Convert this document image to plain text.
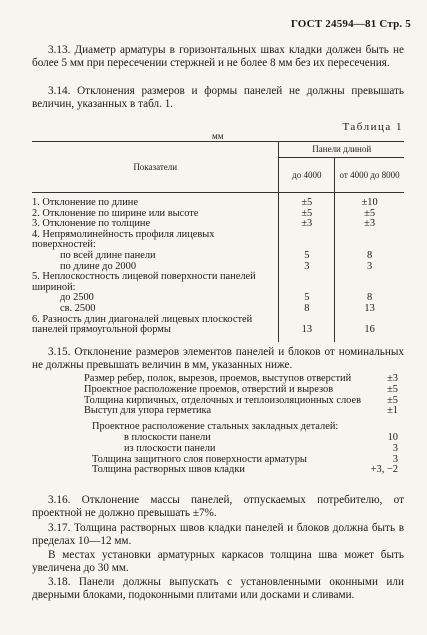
ГОСТ 24594—81 Стр. 5
3.13. Диаметр арматуры в горизонтальных швах кладки должен быть не более 5 мм при пересечении стержней и не более 8 мм без их пересечения.
3.14. Отклонения размеров и формы панелей не должны превышать величин, указанных в табл. 1.
Таблица 1
мм
Показатели	Панели длиной	
	до 4000	от 4000 до 8000
1. Отклонение по длине	±5	±10
2. Отклонение по ширине или высоте	±5	±5
3. Отклонение по толщине	±3	±3
4. Непрямолинейность профиля лицевых поверхностей:		
по всей длине панели	5	8
по длине до 2000	3	3
5. Неплоскостность лицевой поверхности панелей шириной:		
до 2500	5	8
св. 2500	8	13
6. Разность длин диагоналей лицевых плоскостей панелей прямоугольной формы	13	16
3.15. Отклонение размеров элементов панелей и блоков от номинальных не должны превышать величин в мм, указанных ниже.
Размер ребер, полок, вырезов, проемов, выступов отверстий	±3
Проектное расположение проемов, отверстий и вырезов	±5
Толщина кирпичных, отделочных и теплоизоляционных слоев	±5
Выступ для упора герметика	±1
Проектное расположение стальных закладных деталей:
в плоскости панели	10
из плоскости панели	3
Толщина защитного слоя поверхности арматуры	3
Толщина растворных швов кладки	+3, −2
3.16. Отклонение массы панелей, отпускаемых потребителю, от проектной не должно превышать ±7%.
3.17. Толщина растворных швов кладки панелей и блоков должна быть в пределах 10—12 мм.
В местах установки арматурных каркасов толщина шва может быть увеличена до 30 мм.
3.18. Панели должны выпускать с установленными оконными или дверными блоками, подоконными плитами или досками и сливами.
